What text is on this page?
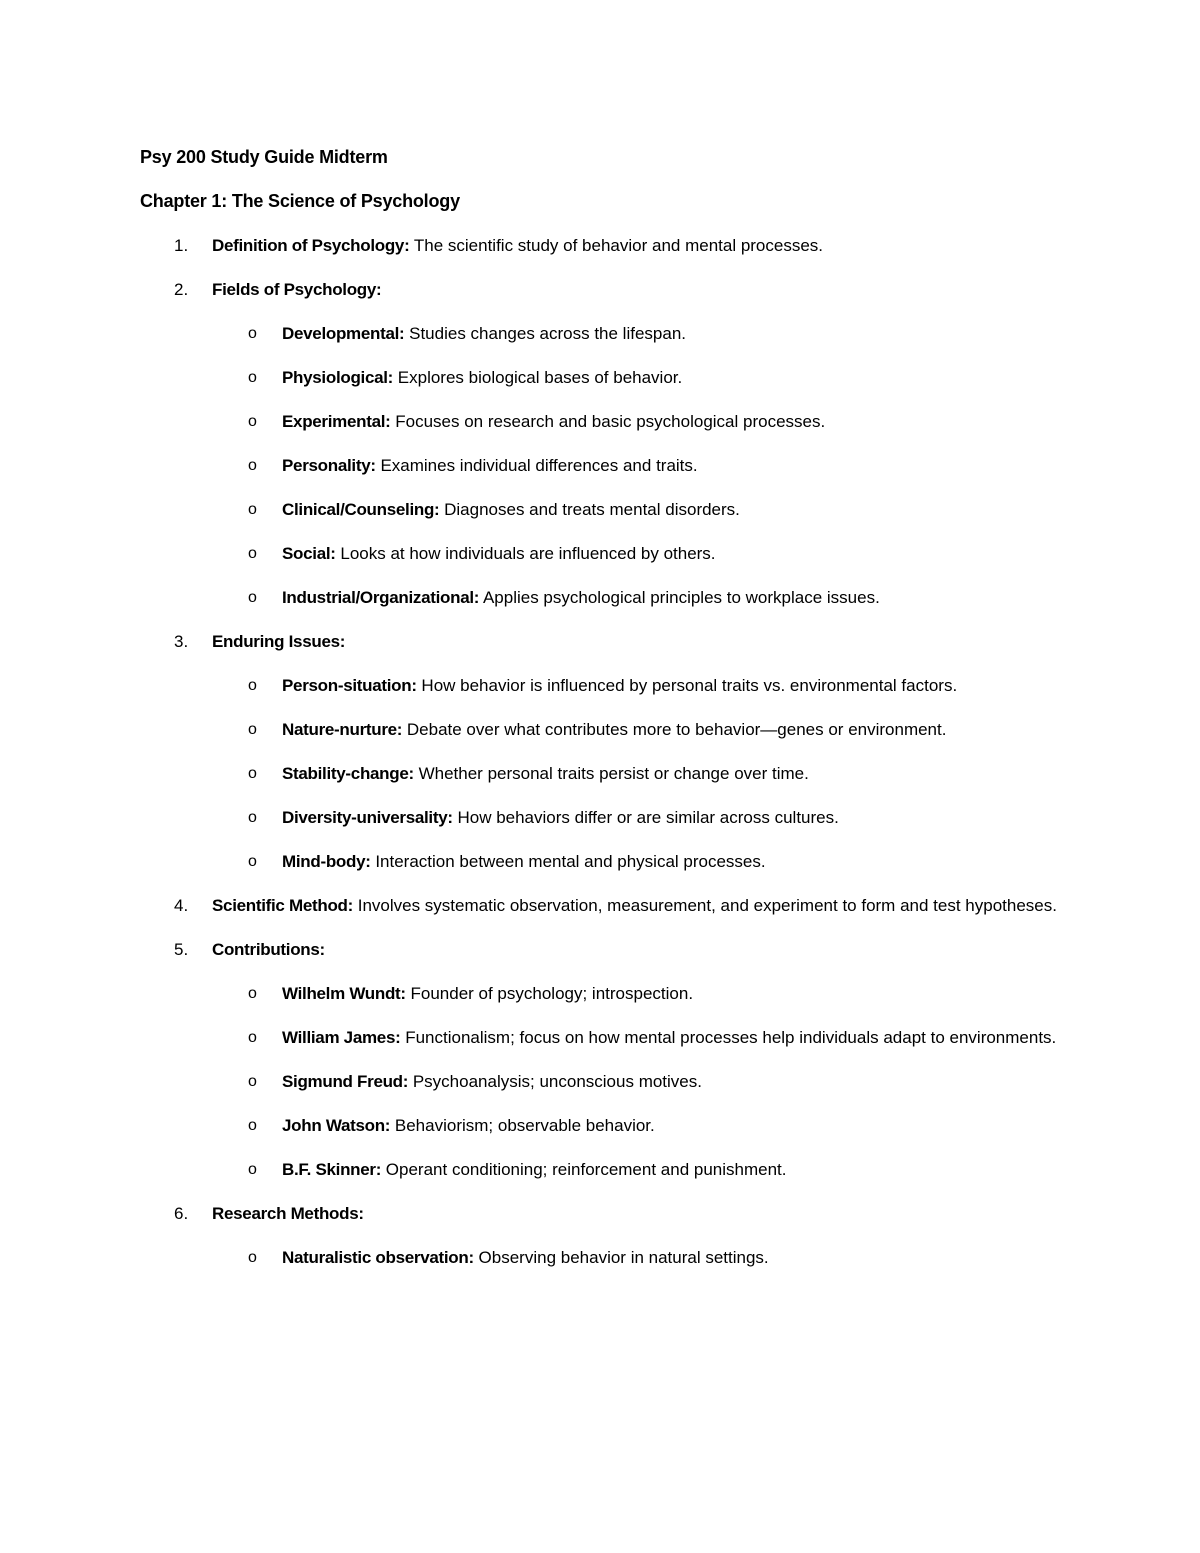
Psy 200 Study Guide Midterm

Chapter 1: The Science of Psychology

1. Definition of Psychology: The scientific study of behavior and mental processes.
2. Fields of Psychology:
o Developmental: Studies changes across the lifespan.
o Physiological: Explores biological bases of behavior.
o Experimental: Focuses on research and basic psychological processes.
o Personality: Examines individual differences and traits.
o Clinical/Counseling: Diagnoses and treats mental disorders.
o Social: Looks at how individuals are influenced by others.
o Industrial/Organizational: Applies psychological principles to workplace issues.
3. Enduring Issues:
o Person-situation: How behavior is influenced by personal traits vs. environmental factors.
o Nature-nurture: Debate over what contributes more to behavior—genes or environment.
o Stability-change: Whether personal traits persist or change over time.
o Diversity-universality: How behaviors differ or are similar across cultures.
o Mind-body: Interaction between mental and physical processes.
4. Scientific Method: Involves systematic observation, measurement, and experiment to form and test hypotheses.
5. Contributions:
o Wilhelm Wundt: Founder of psychology; introspection.
o William James: Functionalism; focus on how mental processes help individuals adapt to environments.
o Sigmund Freud: Psychoanalysis; unconscious motives.
o John Watson: Behaviorism; observable behavior.
o B.F. Skinner: Operant conditioning; reinforcement and punishment.
6. Research Methods:
o Naturalistic observation: Observing behavior in natural settings.
